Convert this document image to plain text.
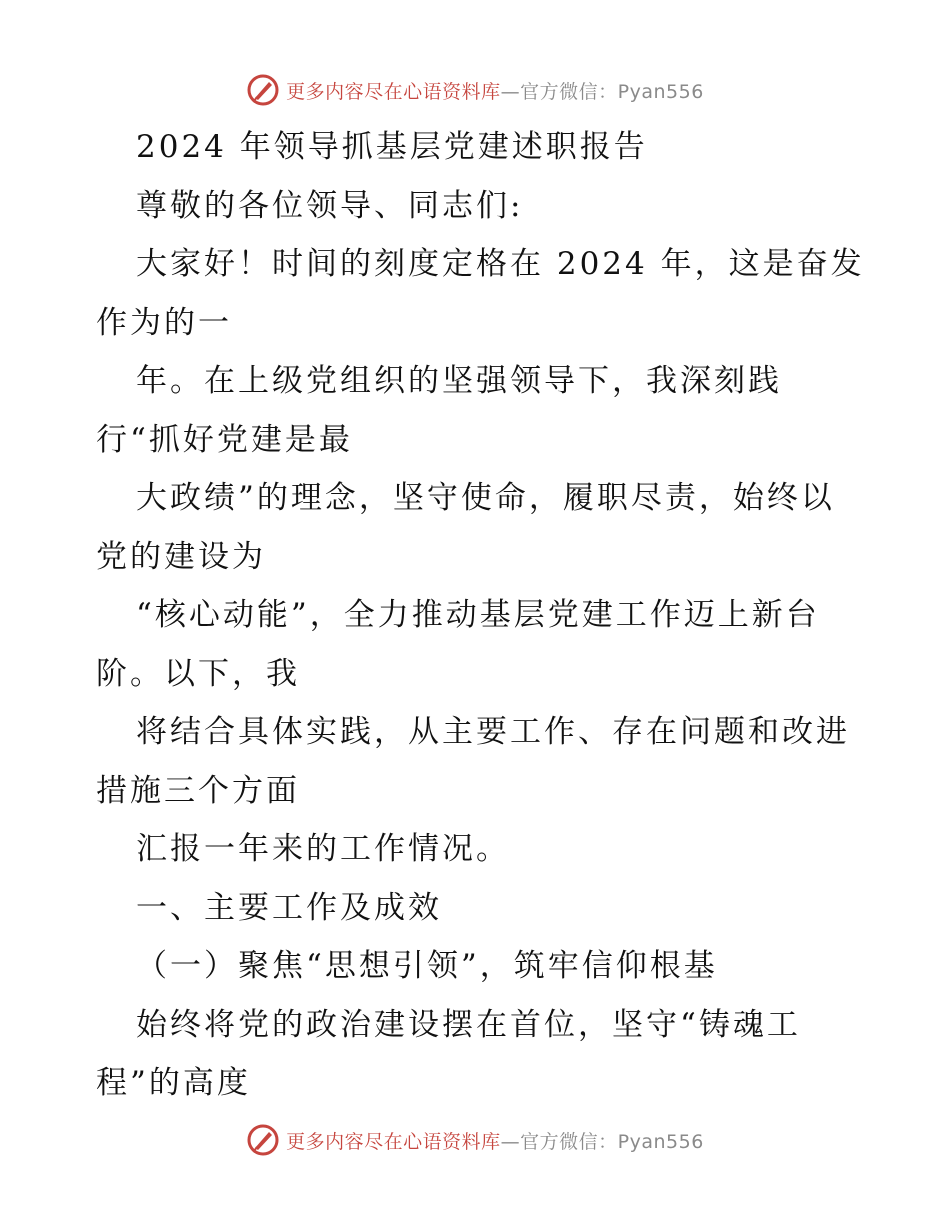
更多内容尽在心语资料库—官方微信：Pyan556
2024 年领导抓基层党建述职报告
尊敬的各位领导、同志们:
大家好！时间的刻度定格在 2024 年，这是奋发
作为的一
年。在上级党组织的坚强领导下，我深刻践
行“抓好党建是最
大政绩”的理念，坚守使命，履职尽责，始终以
党的建设为
“核心动能”，全力推动基层党建工作迈上新台
阶。以下，我
将结合具体实践，从主要工作、存在问题和改进
措施三个方面
汇报一年来的工作情况。
一、主要工作及成效
（一）聚焦“思想引领”，筑牢信仰根基
始终将党的政治建设摆在首位，坚守“铸魂工
程”的高度
更多内容尽在心语资料库—官方微信：Pyan556
